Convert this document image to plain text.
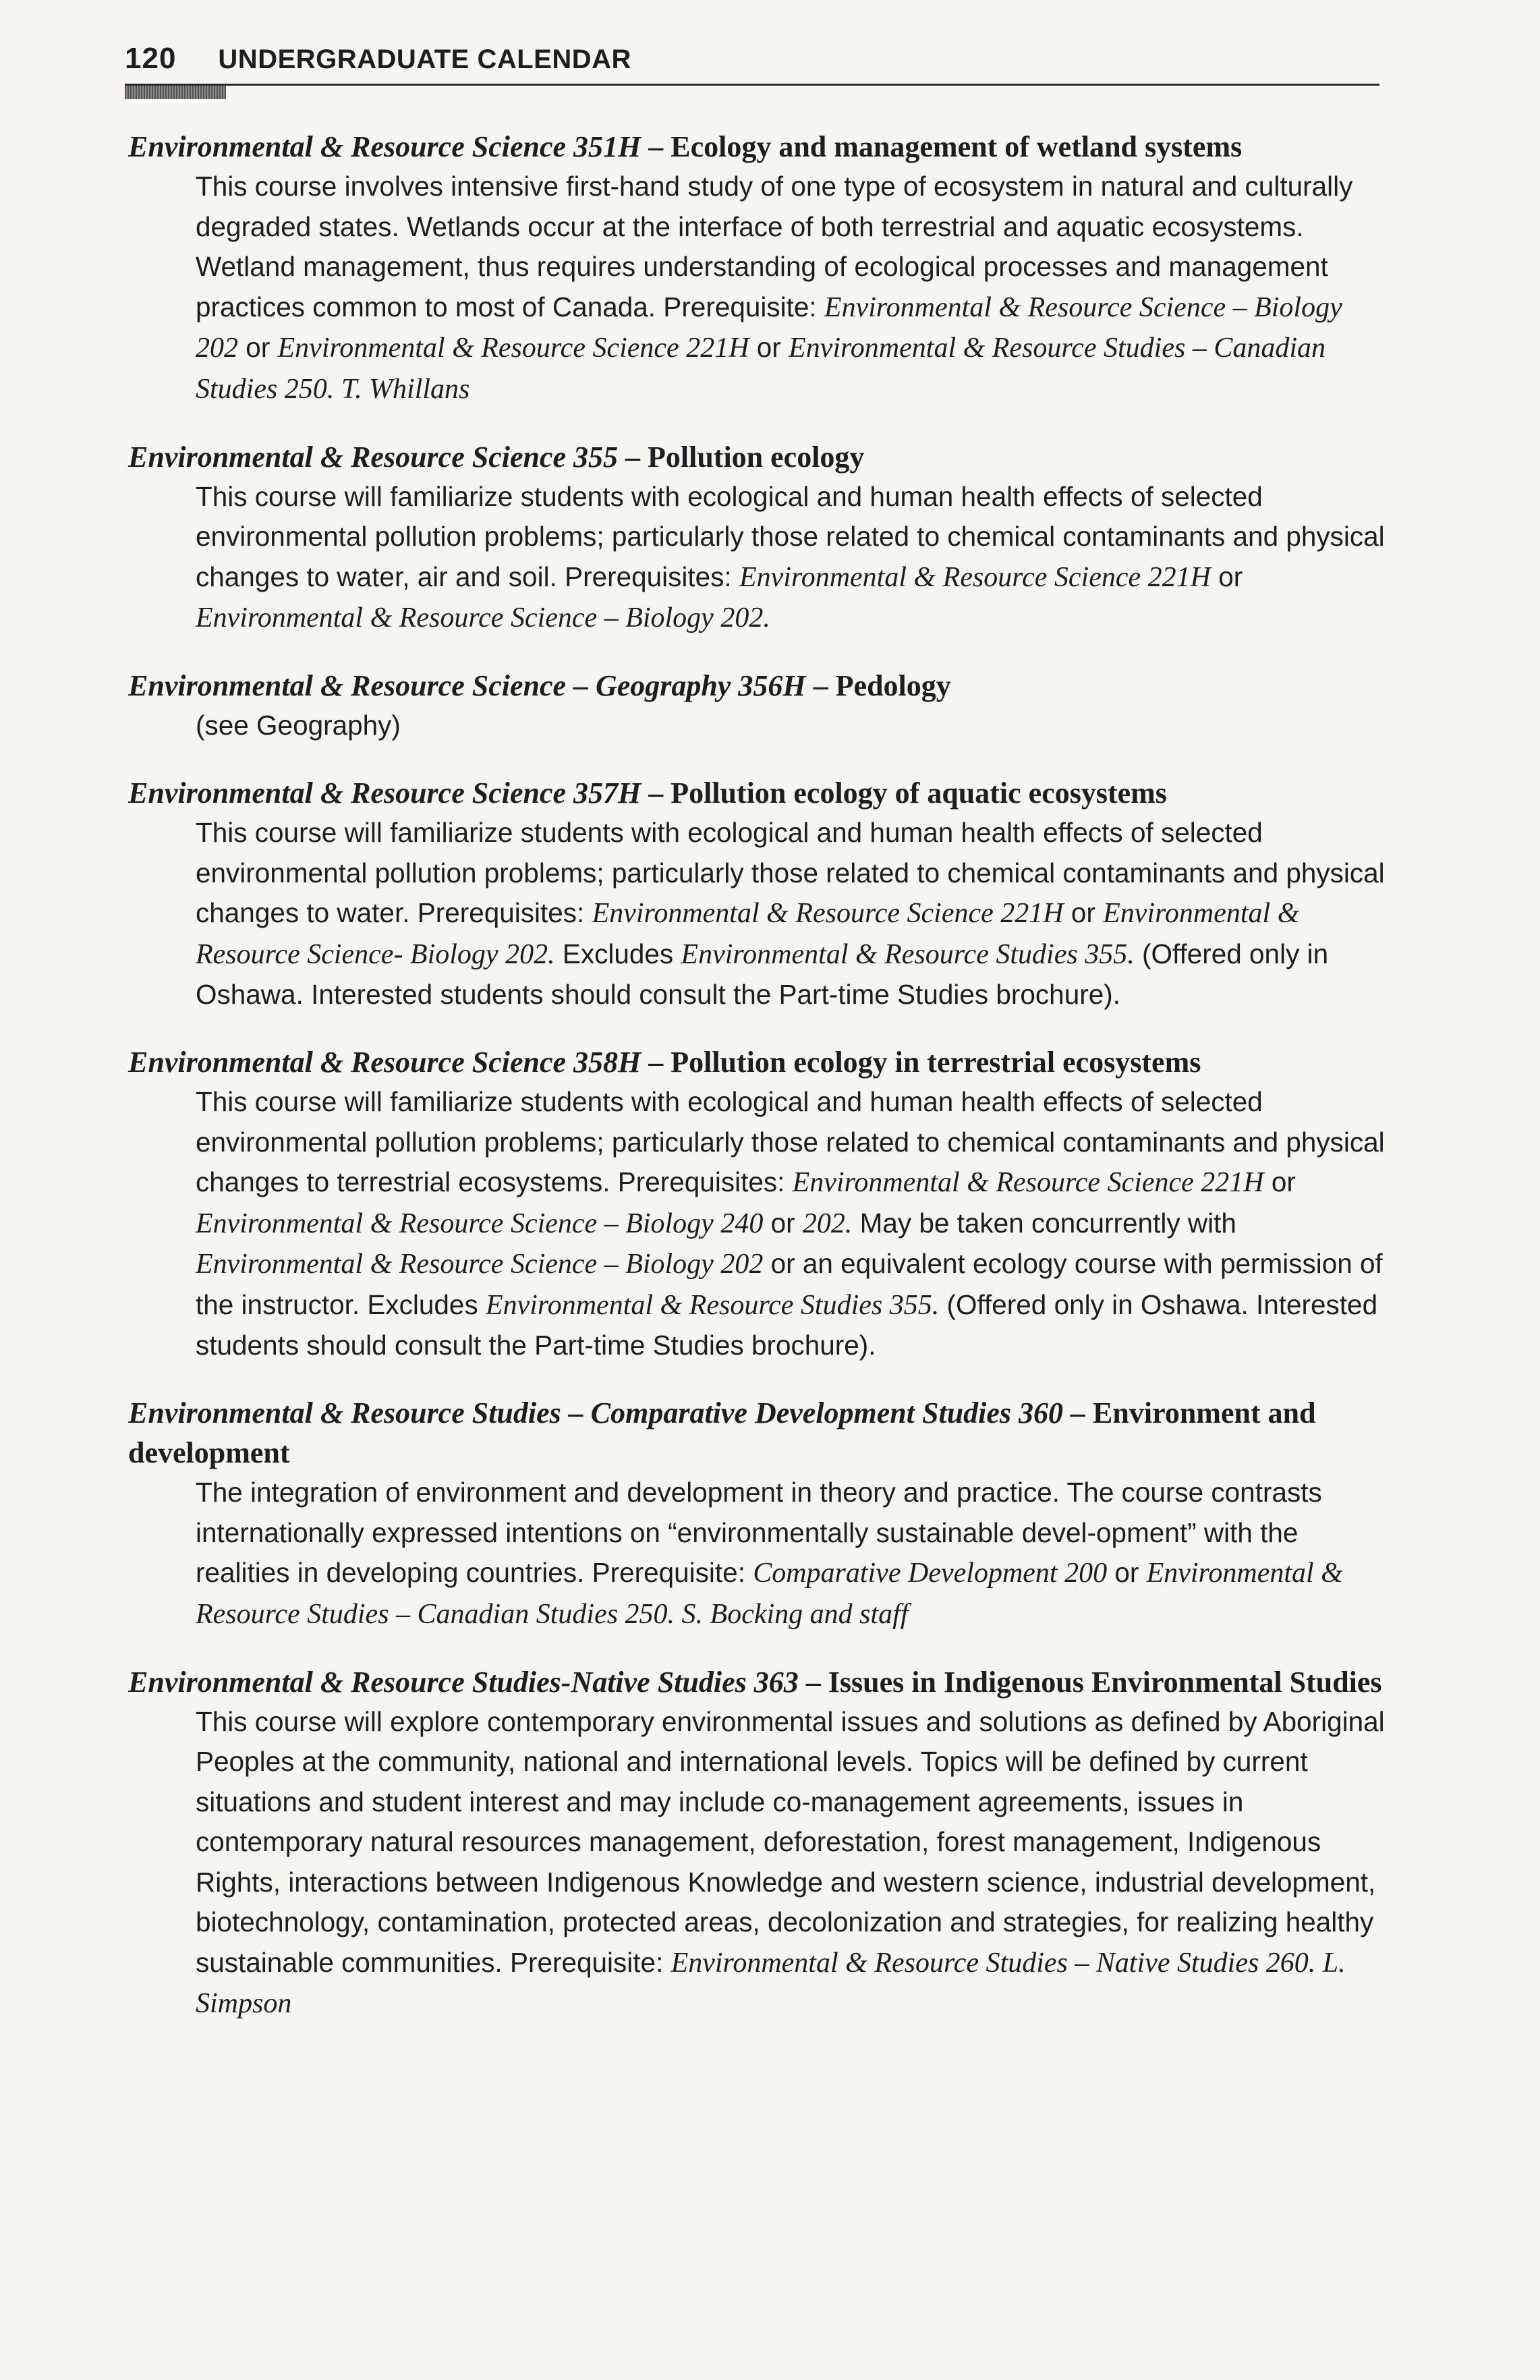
120 UNDERGRADUATE CALENDAR

Environmental & Resource Science 351H – Ecology and management of wetland systems

This course involves intensive first-hand study of one type of ecosystem in natural and culturally degraded states. Wetlands occur at the interface of both terrestrial and aquatic ecosystems. Wetland management, thus requires understanding of ecological processes and management practices common to most of Canada. Prerequisite: Environmental & Resource Science – Biology 202 or Environmental & Resource Science 221H or Environmental & Resource Studies – Canadian Studies 250. T. Whillans

Environmental & Resource Science 355 – Pollution ecology

This course will familiarize students with ecological and human health effects of selected environmental pollution problems; particularly those related to chemical contaminants and physical changes to water, air and soil. Prerequisites: Environmental & Resource Science 221H or Environmental & Resource Science – Biology 202.

Environmental & Resource Science – Geography 356H – Pedology

(see Geography)

Environmental & Resource Science 357H – Pollution ecology of aquatic ecosystems

This course will familiarize students with ecological and human health effects of selected environmental pollution problems; particularly those related to chemical contaminants and physical changes to water. Prerequisites: Environmental & Resource Science 221H or Environmental & Resource Science- Biology 202. Excludes Environmental & Resource Studies 355. (Offered only in Oshawa. Interested students should consult the Part-time Studies brochure).

Environmental & Resource Science 358H – Pollution ecology in terrestrial ecosystems

This course will familiarize students with ecological and human health effects of selected environmental pollution problems; particularly those related to chemical contaminants and physical changes to terrestrial ecosystems. Prerequisites: Environmental & Resource Science 221H or Environmental & Resource Science – Biology 240 or 202. May be taken concurrently with Environmental & Resource Science – Biology 202 or an equivalent ecology course with permission of the instructor. Excludes Environmental & Resource Studies 355. (Offered only in Oshawa. Interested students should consult the Part-time Studies brochure).

Environmental & Resource Studies – Comparative Development Studies 360 – Environment and development

The integration of environment and development in theory and practice. The course contrasts internationally expressed intentions on “environmentally sustainable devel-opment” with the realities in developing countries. Prerequisite: Comparative Development 200 or Environmental & Resource Studies – Canadian Studies 250. S. Bocking and staff

Environmental & Resource Studies-Native Studies 363 – Issues in Indigenous Environmental Studies

This course will explore contemporary environmental issues and solutions as defined by Aboriginal Peoples at the community, national and international levels. Topics will be defined by current situations and student interest and may include co-management agreements, issues in contemporary natural resources management, deforestation, forest management, Indigenous Rights, interactions between Indigenous Knowledge and western science, industrial development, biotechnology, contamination, protected areas, decolonization and strategies, for realizing healthy sustainable communities. Prerequisite: Environmental & Resource Studies – Native Studies 260. L. Simpson
